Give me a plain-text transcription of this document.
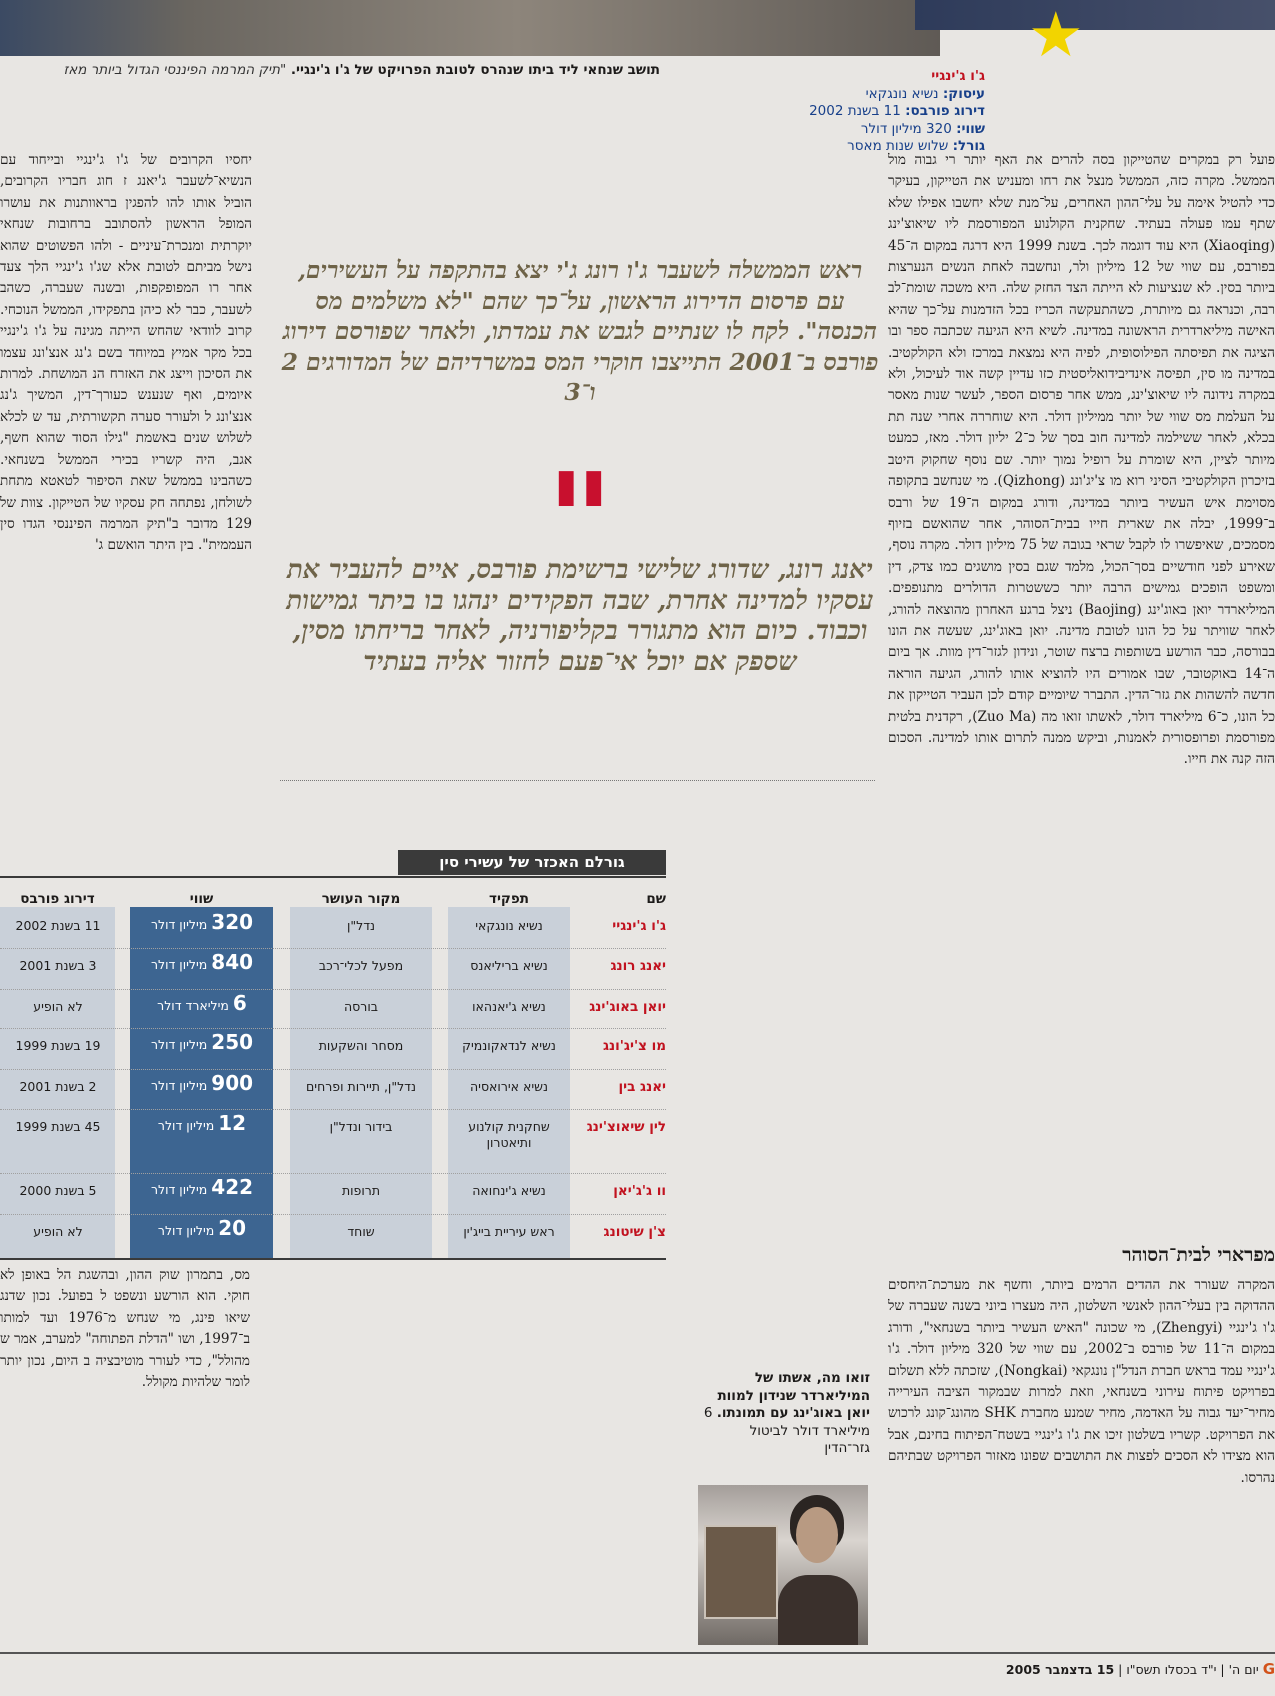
★
תושב שנחאי ליד ביתו שנהרס לטובת הפרויקט של ג'ו ג'ינגיי. "תיק המרמה הפיננסי הגדול ביותר מאז	ג'ו ג'ינגיי
עיסוק: נשיא נונגקאי
דירוג פורבס: 11 בשנת 2002
שווי: 320 מיליון דולר
גורל: שלוש שנות מאסר

פועל רק במקרים שהטייקון בסה להרים את האף יותר רי גבוה מול הממשל. מקרה כזה, הממשל מנצל את רחו ומעניש את הטייקון, בעיקר כדי להטיל אימה על עלי־ההון האחרים, על־מנת שלא יחשבו אפילו שלא שתף עמו פעולה בעתיד. שחקנית הקולנוע המפורסמת ליו שיאוצ'ינג (Xiaoqing) היא עוד דוגמה לכך. בשנת 1999 היא דרגה במקום ה־45 בפורבס, עם שווי של 12 מיליון ולר, ונחשבה לאחת הנשים הנערצות ביותר בסין. לא שנציעות לא הייתה הצד החזק שלה. היא משכה שומת־לב רבה, וכנראה גם מיותרת, כשהתעקשה הכריז בכל הזדמנות על־כך שהיא האישה מיליארדרית הראשונה במדינה. לשיא היא הגיעה שכתבה ספר ובו הציגה את תפיסתה הפילוסופית, לפיה היא נמצאת במרכז ולא הקולקטיב. במדינה מו סין, תפיסה אינדיבידואליסטית כזו עדיין קשה אוד לעיכול, ולא במקרה נידונה ליו שיאוצ'ינג, ממש אחר פרסום הספר, לעשר שנות מאסר על העלמת מס שווי של יותר ממיליון דולר. היא שוחררה אחרי שנה תת בכלא, לאחר ששילמה למדינה חוב בסך של כ־2 יליון דולר. מאז, כמעט מיותר לציין, היא שומרת על רופיל נמוך יותר. שם נוסף שחקוק היטב בזיכרון הקולקטיבי הסיני רוא מו צ'יג'ונג (Qizhong). מי שנחשב בתקופה מסוימת איש העשיר ביותר במדינה, ודורג במקום ה־19 של ורבס ב־1999, יבלה את שארית חייו בבית־הסוהר, אחר שהואשם בזיוף מסמכים, שאיפשרו לו לקבל שראי בגובה של 75 מיליון דולר. מקרה נוסף, שאירע לפני חודשיים בסך־הכול, מלמד שגם בסין מושגים כמו צדק, דין ומשפט הופכים גמישים הרבה יותר כששטרות הדולרים מתנופפים. המיליארדר יואן באוג'ינג (Baojing) ניצל ברגע האחרון מהוצאה להורג, לאחר שוויתר על כל הונו לטובת מדינה. יואן באוג'ינג, שעשה את הונו בבורסה, כבר הורשע בשותפות ברצח שוטר, ונידון לגזר־דין מוות. אך ביום ה־14 באוקטובר, שבו אמורים היו להוציא אותו להורג, הגיעה הוראה חדשה להשהות את גזר־הדין. התברר שיומיים קודם לכן העביר הטייקון את כל הונו, כ־6 מיליארד דולר, לאשתו זואו מה (Zuo Ma), רקדנית בלטית מפורסמת ופרופסורית לאמנות, וביקש ממנה לתרום אותו למדינה. הסכום הזה קנה את חייו.

מפרארי לבית־הסוהר

המקרה שעורר את ההדים הרמים ביותר, וחשף את מערכת־היחסים ההדוקה בין בעלי־ההון לאנשי השלטון, היה מעצרו ביוני בשנה שעברה של ג'ו ג'ינגיי (Zhengyi), מי שכונה "האיש העשיר ביותר בשנחאי", ודורג במקום ה־11 של פורבס ב־2002, עם שווי של 320 מיליון דולר. ג'ו ג'ינגיי עמד בראש חברת הנדל"ן נונגקאי (Nongkai), שזכתה ללא תשלום בפרויקט פיתוח עירוני בשנחאי, וזאת למרות שבמקור הציבה העירייה מחיר־יעד גבוה על האדמה, מחיר שמנע מחברת SHK מהונג־קונג לרכוש את הפרויקט. קשריו בשלטון זיכו את ג'ו ג'ינגיי בשטח־הפיתוח בחינם, אבל הוא מצידו לא הסכים לפצות את התושבים שפונו מאזור הפרויקט שבתיהם נהרסו.

יחסיו הקרובים של ג'ו ג'ינגיי ובייחוד עם הנשיא־לשעבר ג'יאנג ז חוג חבריו הקרובים, הוביל אותו להו להפגין בראוותנות את עושרו המופל הראשון להסתובב ברחובות שנחאי יוקרתית ומנכרת־עיניים - ולהו הפשוטים שהוא נישל מביתם לטובת אלא שג'ו ג'ינגיי הלך צעד אחר רו המפופקפות, ובשנה שעברה, כשהב לשעבר, כבר לא כיהן בתפקידו, הממשל הנוכחי. קרוב לוודאי שהחש הייתה מגינה על ג'ו ג'ינגיי בכל מקר אמיץ במיוחד בשם ג'נג אנצ'ונג עצמו את הסיכון וייצג את האזרח הנ המושחת. למרות איומים, ואף שנענש כעורך־דין, המשיך ג'נג אנצ'ונג ל ולעורר סערה תקשורתית, עד ש לכלא לשלוש שנים באשמת "גילו הסוד שהוא חשף, אגב, היה קשריו בכירי הממשל בשנחאי. כשהבינו בממשל שאת הסיפור לטאטא מתחת לשולחן, נפתחה חק עסקיו של הטייקון. צוות של 129 מדובר ב"תיק המרמה הפיננסי הגדו סין העממית". בין היתר הואשם ג'

מס, בתמרון שוק ההון, ובהשגת הל באופן לא חוקי. הוא הורשע ונשפט ל בפועל. נכון שדנג שיאו פינג, מי שנחש מ־1976 ועד למותו ב־1997, ושו "הדלת הפתוחה" למערב, אמר ש מהולל", כדי לעורר מוטיבציה ב היום, נכון יותר לומר שלהיות מקולל.

ראש הממשלה לשעבר ג'ו רונג ג'י יצא בהתקפה על העשירים, עם פרסום הדירוג הראשון, על־כך שהם "לא משלמים מס הכנסה". לקח לו שנתיים לגבש את עמדתו, ולאחר שפורסם דירוג פורבס ב־2001 התייצבו חוקרי המס במשרדיהם של המדורגים 2 ו־3
"
יאנג רונג, שדורג שלישי ברשימת פורבס, איים להעביר את עסקיו למדינה אחרת, שבה הפקידים ינהגו בו ביתר גמישות וכבוד. כיום הוא מתגורר בקליפורניה, לאחר בריחתו מסין, שספק אם יוכל אי־פעם לחזור אליה בעתיד
גורלם האכזר של עשירי סין
שם
תפקיד
מקור העושר
שווי
דירוג פורבס
ג'ו ג'ינגיי
נשיא נונגקאי
נדל"ן
320 מיליון דולר
11 בשנת 2002
יאנג רונג
נשיא בריליאנס
מפעל לכלי־רכב
840 מיליון דולר
3 בשנת 2001
יואן באוג'ינג
נשיא ג'יאנהאו
בורסה
6 מיליארד דולר
לא הופיע
מו צ'יג'ונג
נשיא לנדאקונמיק
מסחר והשקעות
250 מיליון דולר
19 בשנת 1999
יאנג בין
נשיא אירואסיה
נדל"ן, תיירות ופרחים
900 מיליון דולר
2 בשנת 2001
לין שיאוצ'ינג
שחקנית קולנוע ותיאטרון
בידור ונדל"ן
12 מיליון דולר
45 בשנת 1999
וו ג'ג'יאן
נשיא ג'ינחואה
תרופות
422 מיליון דולר
5 בשנת 2000
צ'ן שיטונג
ראש עיריית בייג'ין
שוחד
20 מיליון דולר
לא הופיע
זואו מה, אשתו של המיליארדר שנידון למוות יואן באוג'ינג עם תמונתו. 6 מיליארד דולר לביטול גזר־הדין
G יום ה' | י"ד בכסלו תשס"ו | 15 בדצמבר 2005
